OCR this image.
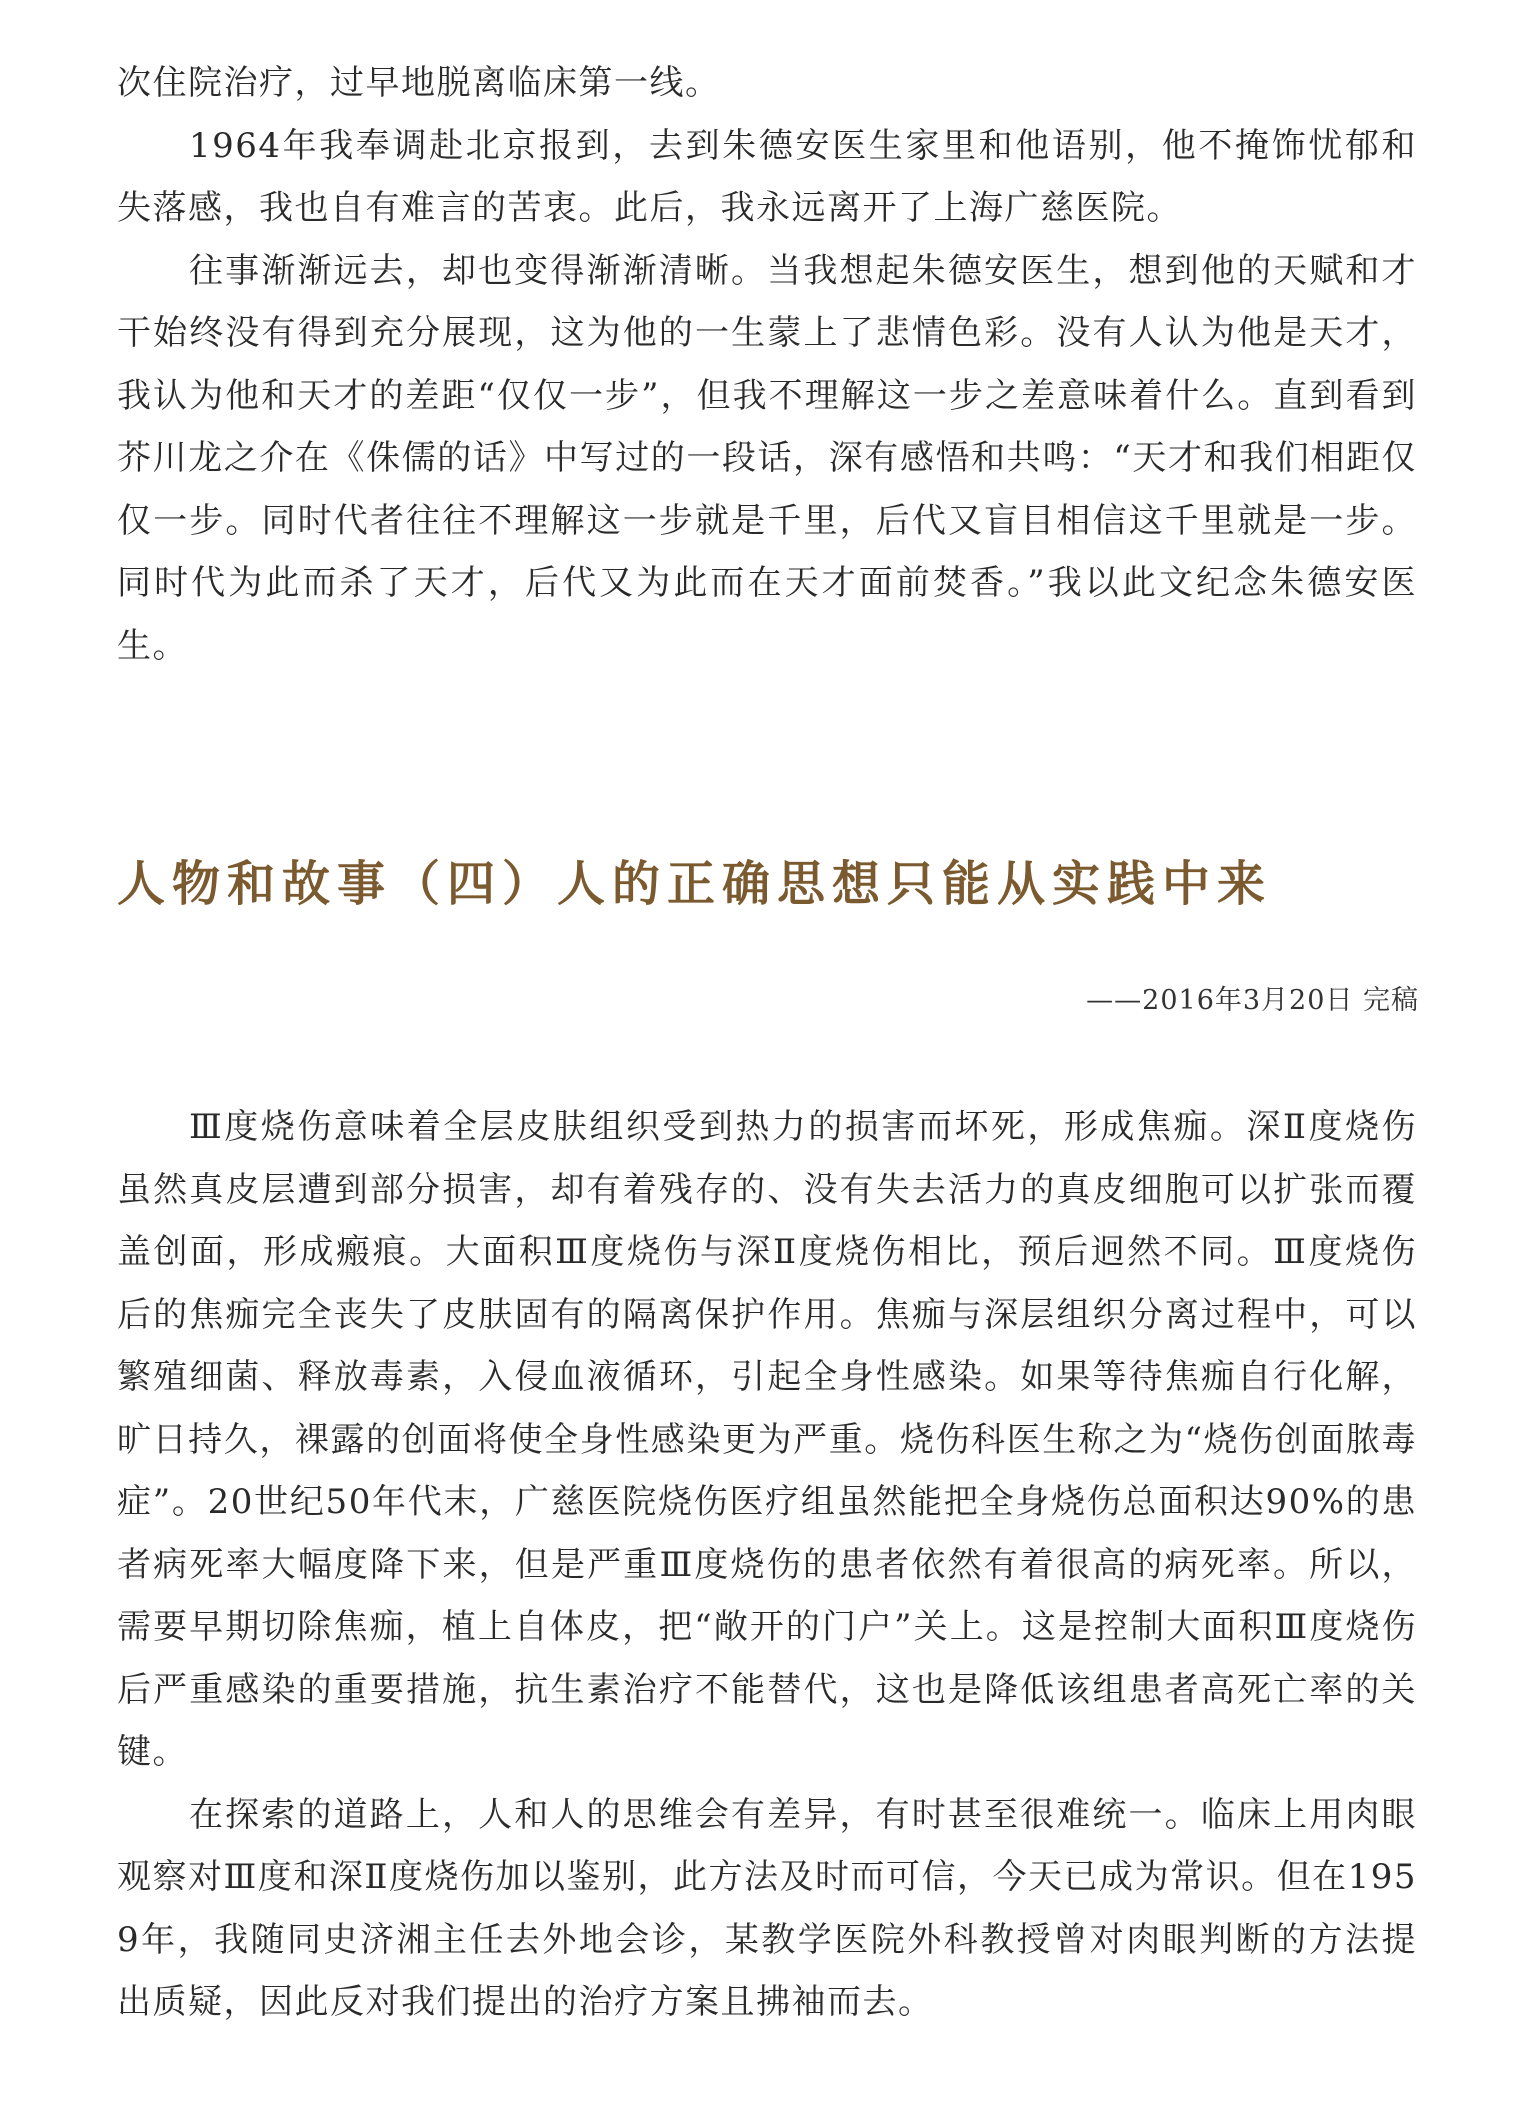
次住院治疗，过早地脱离临床第一线。

1964年我奉调赴北京报到，去到朱德安医生家里和他语别，他不掩饰忧郁和失落感，我也自有难言的苦衷。此后，我永远离开了上海广慈医院。

往事渐渐远去，却也变得渐渐清晰。当我想起朱德安医生，想到他的天赋和才干始终没有得到充分展现，这为他的一生蒙上了悲情色彩。没有人认为他是天才，我认为他和天才的差距“仅仅一步”，但我不理解这一步之差意味着什么。直到看到芥川龙之介在《侏儒的话》中写过的一段话，深有感悟和共鸣：“天才和我们相距仅仅一步。同时代者往往不理解这一步就是千里，后代又盲目相信这千里就是一步。同时代为此而杀了天才，后代又为此而在天才面前焚香。”我以此文纪念朱德安医生。

人物和故事（四）人的正确思想只能从实践中来
——2016年3月20日 完稿

Ⅲ度烧伤意味着全层皮肤组织受到热力的损害而坏死，形成焦痂。深Ⅱ度烧伤虽然真皮层遭到部分损害，却有着残存的、没有失去活力的真皮细胞可以扩张而覆盖创面，形成瘢痕。大面积Ⅲ度烧伤与深Ⅱ度烧伤相比，预后迥然不同。Ⅲ度烧伤后的焦痂完全丧失了皮肤固有的隔离保护作用。焦痂与深层组织分离过程中，可以繁殖细菌、释放毒素，入侵血液循环，引起全身性感染。如果等待焦痂自行化解，旷日持久，裸露的创面将使全身性感染更为严重。烧伤科医生称之为“烧伤创面脓毒症”。20世纪50年代末，广慈医院烧伤医疗组虽然能把全身烧伤总面积达90%的患者病死率大幅度降下来，但是严重Ⅲ度烧伤的患者依然有着很高的病死率。所以，需要早期切除焦痂，植上自体皮，把“敞开的门户”关上。这是控制大面积Ⅲ度烧伤后严重感染的重要措施，抗生素治疗不能替代，这也是降低该组患者高死亡率的关键。

在探索的道路上，人和人的思维会有差异，有时甚至很难统一。临床上用肉眼观察对Ⅲ度和深Ⅱ度烧伤加以鉴别，此方法及时而可信，今天已成为常识。但在1959年，我随同史济湘主任去外地会诊，某教学医院外科教授曾对肉眼判断的方法提出质疑，因此反对我们提出的治疗方案且拂袖而去。
